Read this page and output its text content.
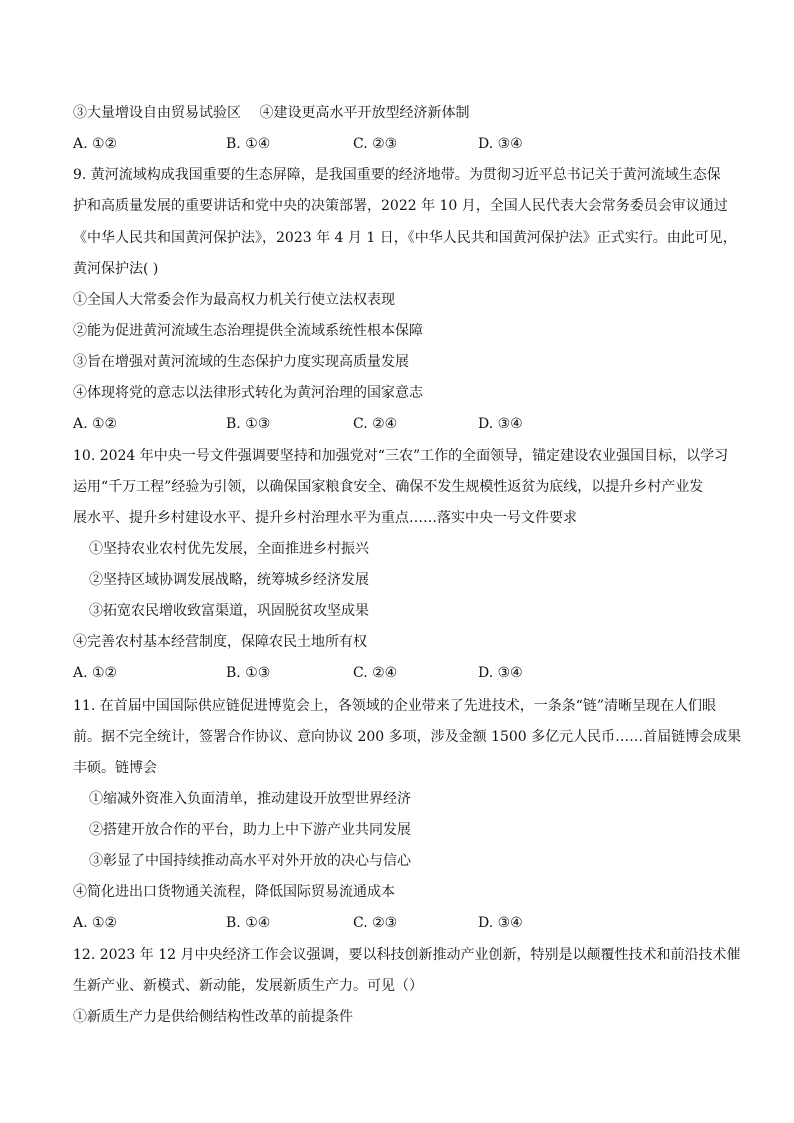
③大量增设自由贸易试验区　 ④建设更高水平开放型经济新体制
A. ①②	B. ①④	C. ②③	D. ③④
9. 黄河流域构成我国重要的生态屏障，是我国重要的经济地带。为贯彻习近平总书记关于黄河流域生态保
护和高质量发展的重要讲话和党中央的决策部署，2022 年 10 月，全国人民代表大会常务委员会审议通过
《中华人民共和国黄河保护法》，2023 年 4 月 1 日，《中华人民共和国黄河保护法》正式实行。由此可见，
黄河保护法( )
①全国人大常委会作为最高权力机关行使立法权表现
②能为促进黄河流域生态治理提供全流域系统性根本保障
③旨在增强对黄河流域的生态保护力度实现高质量发展
④体现将党的意志以法律形式转化为黄河治理的国家意志
A. ①②	B. ①③	C. ②④	D. ③④
10. 2024 年中央一号文件强调要坚持和加强党对“三农”工作的全面领导，锚定建设农业强国目标，以学习
运用“千万工程”经验为引领，以确保国家粮食安全、确保不发生规模性返贫为底线，以提升乡村产业发
展水平、提升乡村建设水平、提升乡村治理水平为重点……落实中央一号文件要求
①坚持农业农村优先发展，全面推进乡村振兴
②坚持区域协调发展战略，统筹城乡经济发展
③拓宽农民增收致富渠道，巩固脱贫攻坚成果
④完善农村基本经营制度，保障农民土地所有权
A. ①②	B. ①③	C. ②④	D. ③④
11. 在首届中国国际供应链促进博览会上，各领域的企业带来了先进技术，一条条“链”清晰呈现在人们眼
前。据不完全统计，签署合作协议、意向协议 200 多项，涉及金额 1500 多亿元人民币……首届链博会成果
丰硕。链博会
①缩减外资准入负面清单，推动建设开放型世界经济
②搭建开放合作的平台，助力上中下游产业共同发展
③彰显了中国持续推动高水平对外开放的决心与信心
④简化进出口货物通关流程，降低国际贸易流通成本
A. ①②	B. ①④	C. ②③	D. ③④
12. 2023 年 12 月中央经济工作会议强调，要以科技创新推动产业创新，特别是以颠覆性技术和前沿技术催
生新产业、新模式、新动能，发展新质生产力。可见（）
①新质生产力是供给侧结构性改革的前提条件
